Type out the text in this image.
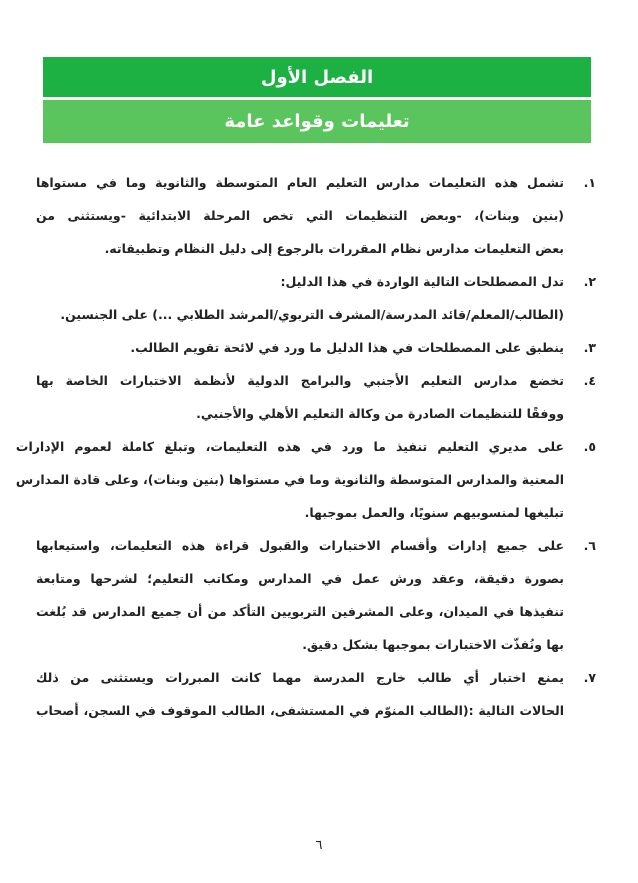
الفصل الأول
تعليمات وقواعد عامة
١.
تشمل هذه التعليمات مدارس التعليم العام المتوسطة والثانوية وما في مستواها
(بنين وبنات)، -وبعض التنظيمات التي تخص المرحلة الابتدائية -ويستثنى من
بعض التعليمات مدارس نظام المقررات بالرجوع إلى دليل النظام وتطبيقاته.
٢.
تدل المصطلحات التالية الواردة في هذا الدليل:
(الطالب/المعلم/قائد المدرسة/المشرف التربوي/المرشد الطلابي ...) على الجنسين.
٣.
ينطبق على المصطلحات في هذا الدليل ما ورد في لائحة تقويم الطالب.
٤.
تخضع مدارس التعليم الأجنبي والبرامج الدولية لأنظمة الاختبارات الخاصة بها
ووفقًا للتنظيمات الصادرة من وكالة التعليم الأهلي والأجنبي.
٥.
على مديري التعليم تنفيذ ما ورد في هذه التعليمات، وتبلغ كاملة لعموم الإدارات
المعنية والمدارس المتوسطة والثانوية وما في مستواها (بنين وبنات)، وعلى قادة المدارس
تبليغها لمنسوبيهم سنويًا، والعمل بموجبها.
٦.
على جميع إدارات وأقسام الاختبارات والقبول قراءة هذه التعليمات، واستيعابها
بصورة دقيقة، وعقد ورش عمل في المدارس ومكاتب التعليم؛ لشرحها ومتابعة
تنفيذها في الميدان، وعلى المشرفين التربويين التأكد من أن جميع المدارس قد بُلغت
بها ونُفذّت الاختبارات بموجبها بشكل دقيق.
٧.
يمنع اختبار أي طالب خارج المدرسة مهما كانت المبررات ويستثنى من ذلك
الحالات التالية :(الطالب المنوّم في المستشفى، الطالب الموقوف في السجن، أصحاب
٦
